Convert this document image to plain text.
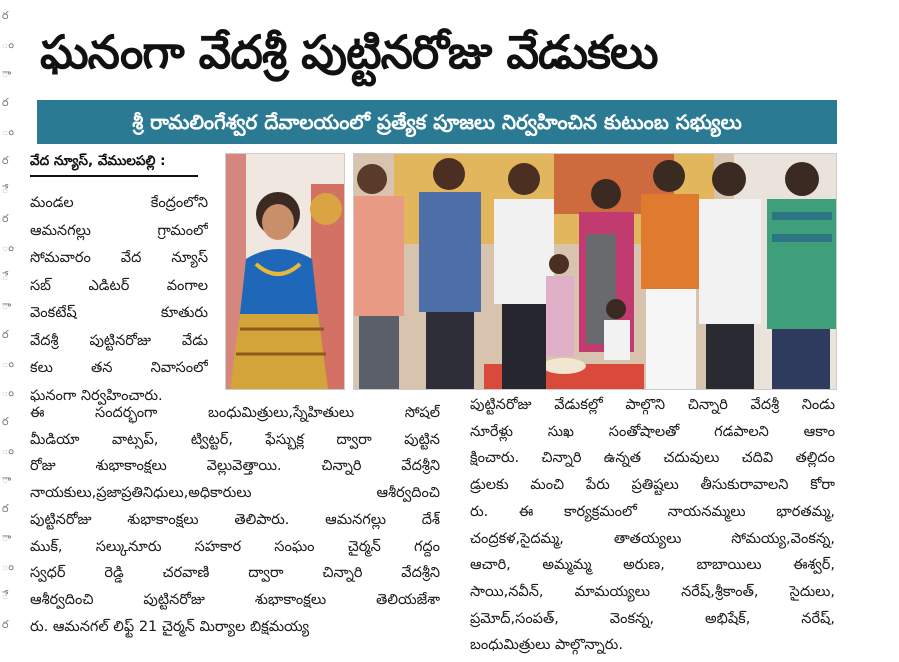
ర
ం
ా
ర
ం
ర
ే
ర
ం
ే
ా
ర
ం
ం
ర
ం
ా
ర
ా
ం
ే
ర
ఘనంగా వేదశ్రీ పుట్టినరోజు వేడుకలు
శ్రీ రామలింగేశ్వర దేవాలయంలో ప్రత్యేక పూజలు నిర్వహించిన కుటుంబ సభ్యులు
వేద న్యూస్, వేములపల్లి :
మండల కేంద్రంలోని
ఆమనగల్లు గ్రామంలో
సోమవారం వేద న్యూస్
సబ్ ఎడిటర్ వంగాల
వెంకటేష్ కూతురు
వేదశ్రీ పుట్టినరోజు వేడు
కలు తన నివాసంలో
ఘనంగా నిర్వహించారు.
ఈ సందర్భంగా బంధుమిత్రులు,స్నేహితులు సోషల్
మీడియా వాట్సప్, ట్విట్టర్, ఫేస్బుక్ల ద్వారా పుట్టిన
రోజు శుభాకాంక్షలు వెల్లువెత్తాయి. చిన్నారి వేదశ్రీని
నాయకులు,ప్రజాప్రతినిధులు,అధికారులు ఆశీర్వదించి
పుట్టినరోజు శుభాకాంక్షలు తెలిపారు. ఆమనగల్లు దేశ్
ముక్, సల్కునూరు సహకార సంఘం చైర్మన్ గద్దం
స్వధర్ రెడ్డి చరవాణి ద్వారా చిన్నారి వేదశ్రీని
ఆశీర్వదించి పుట్టినరోజు శుభాకాంక్షలు తెలియజేశా
రు. ఆమనగల్ లిఫ్ట్ 21 చైర్మన్ మిర్యాల బిక్షమయ్య
పుట్టినరోజు వేడుకల్లో పాల్గొని చిన్నారి వేదశ్రీ నిండు
నూరేళ్లు సుఖ సంతోషాలతో గడపాలని ఆకాం
క్షించారు. చిన్నారి ఉన్నత చదువులు చదివి తల్లిదం
డ్రులకు మంచి పేరు ప్రతిష్టలు తీసుకురావాలని కోరా
రు. ఈ కార్యక్రమంలో నాయనమ్మలు భారతమ్మ,
చంద్రకళ,సైదమ్మ, తాతయ్యలు సోమయ్య,వెంకన్న,
ఆచారి, అమ్మమ్మ అరుణ, బాబాయిలు ఈశ్వర్,
సాయి,నవీన్, మామయ్యలు నరేష్,శ్రీకాంత్, సైదులు,
ప్రమోద్,సంపత్, వెంకన్న, అభిషేక్, నరేష్,
బంధుమిత్రులు పాల్గొన్నారు.
